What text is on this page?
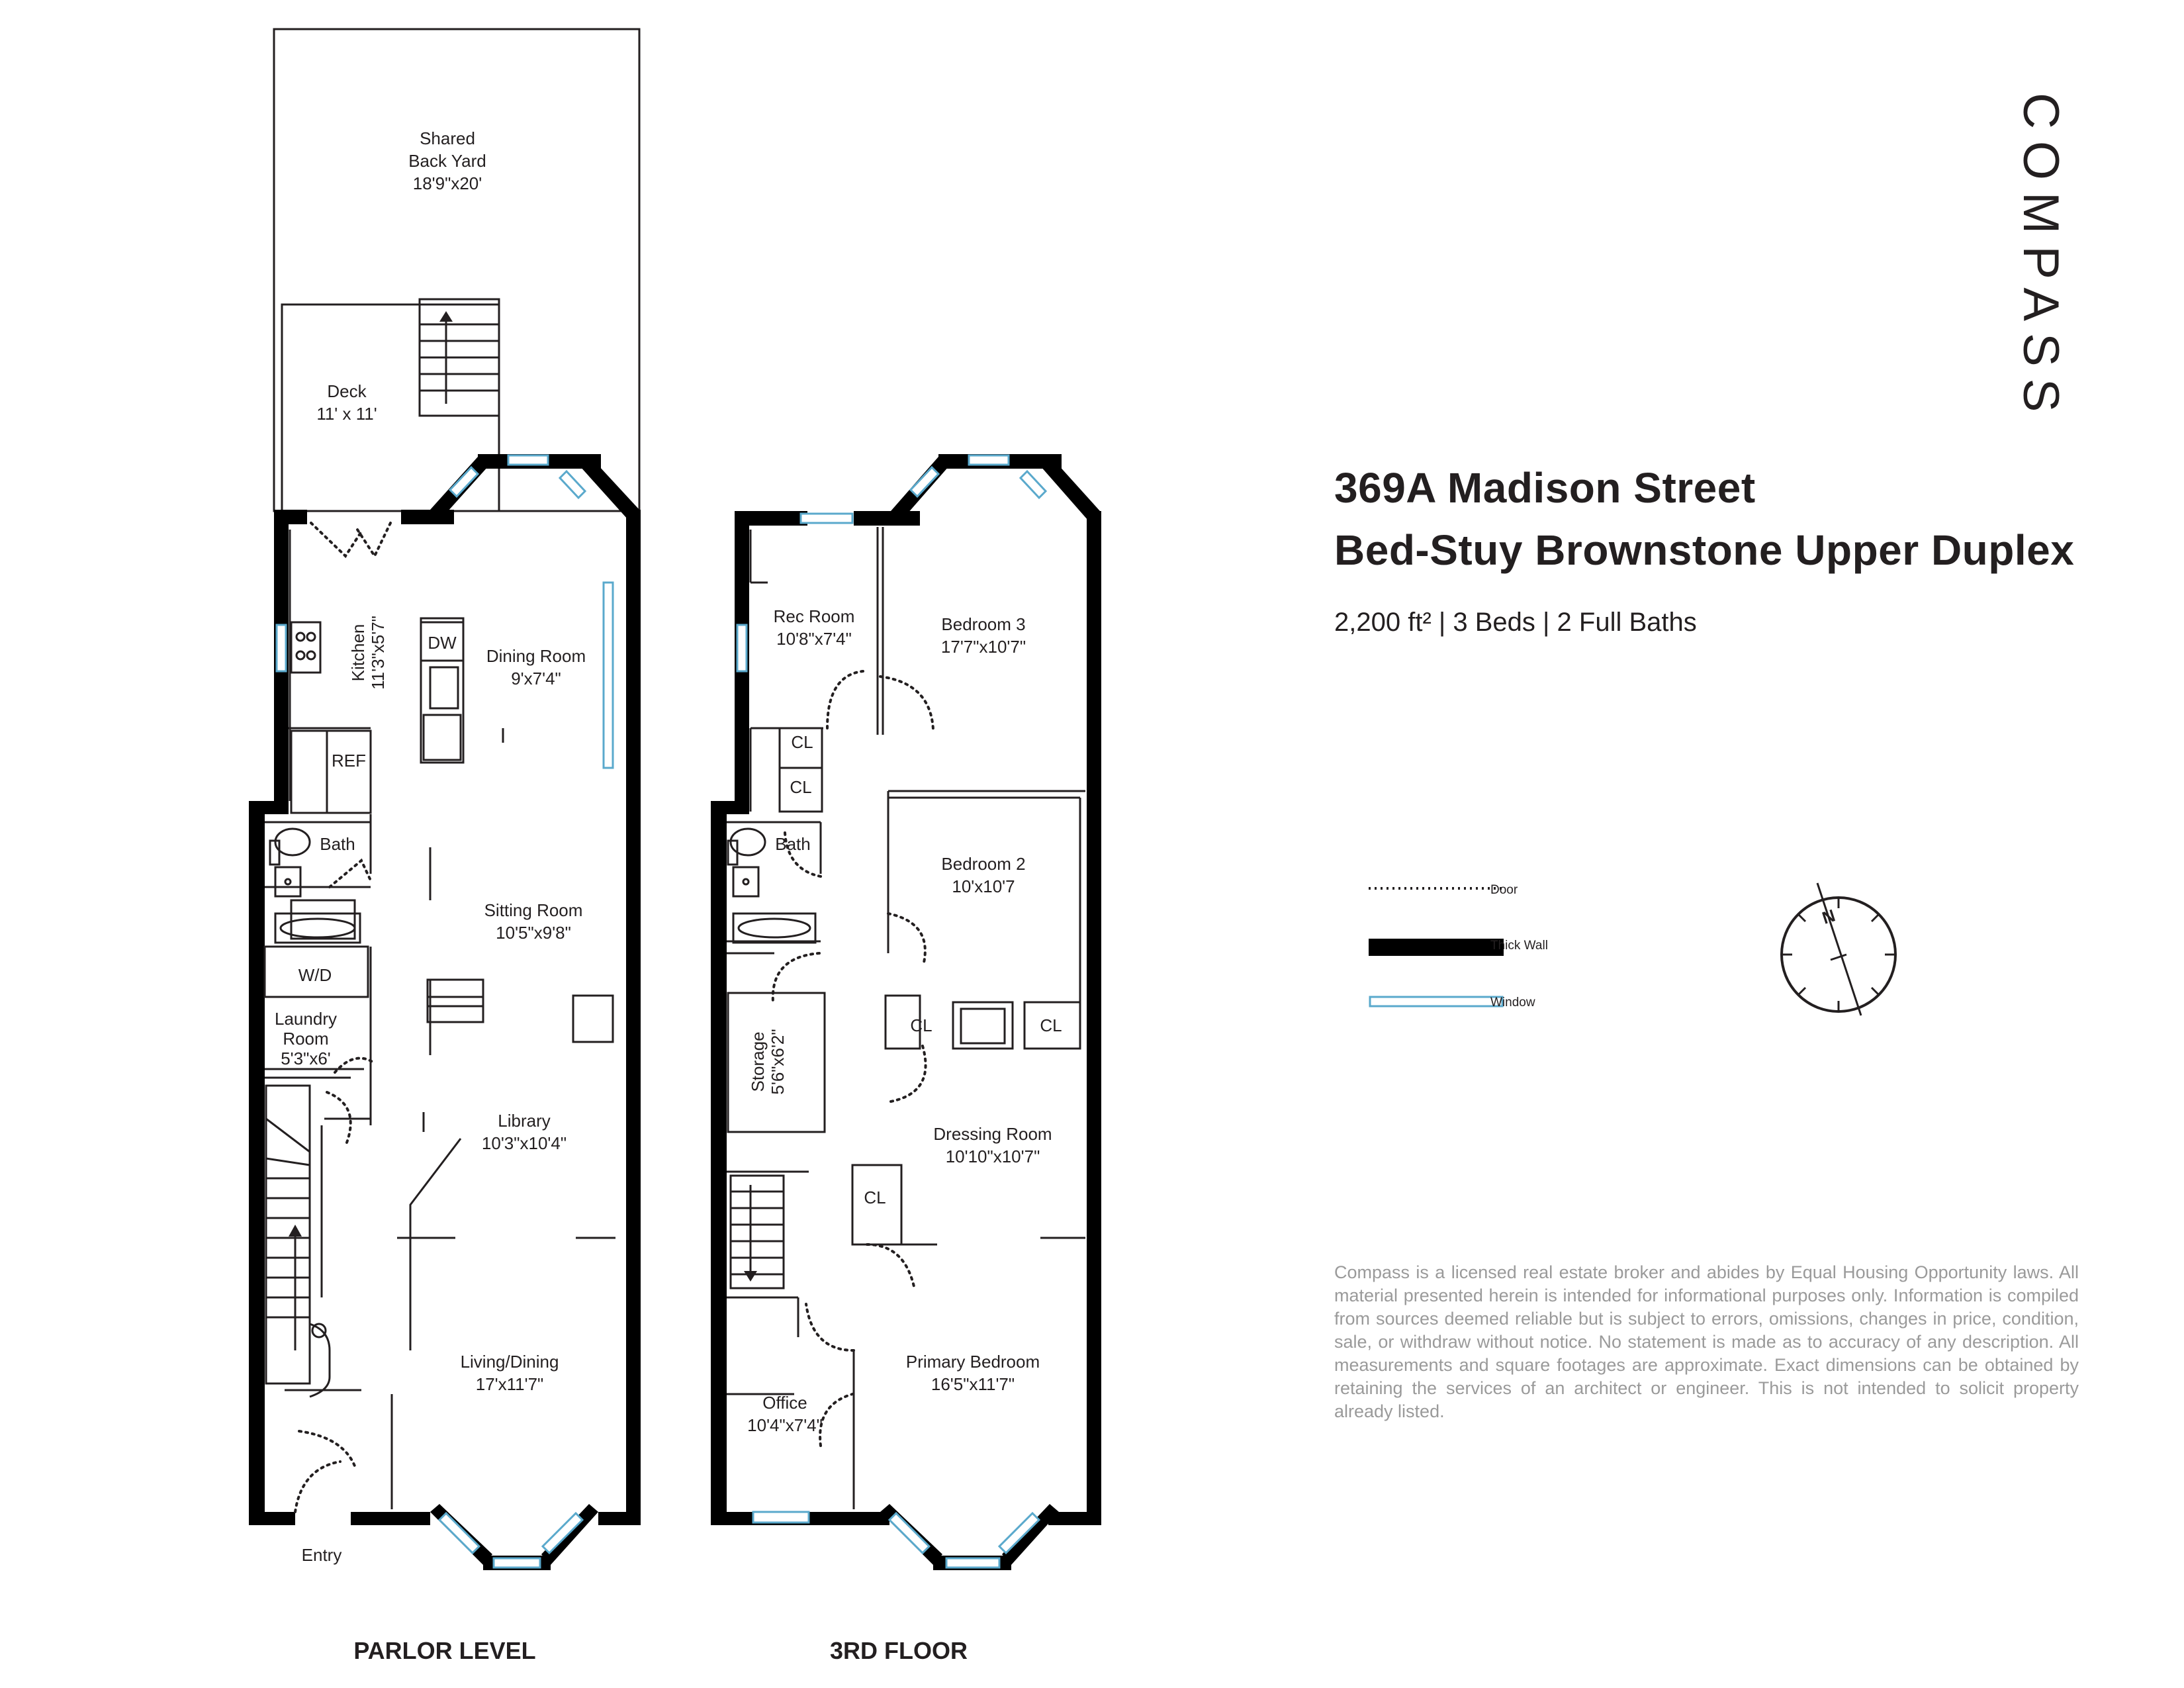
Shared
Back Yard
18'9"x20'
Deck
11' x 11'
Kitchen 11'3"x5'7" DW
REF
Dining Room
9'x7'4"
Bath
Sitting Room
10'5"x9'8"
W/D
Laundry
Room
5'3"x6'
Library
10'3"x10'4"
Living/Dining
17'x11'7"
Entry
PARLOR LEVEL
Rec Room
10'8"x7'4"
Bedroom 3
17'7"x10'7"
CL
CL
Bath
Bedroom 2
10'x10'7
CL	CL
Storage 5'6"x6'2"
Dressing Room
10'10"x10'7"
CL
Primary Bedroom
16'5"x11'7"
Office
10'4"x7'4"
3RD FLOOR
Door
Thick Wall
Window
N
COMPASS
369A Madison Street
Bed-Stuy Brownstone Upper Duplex
2,200 ft² | 3 Beds | 2 Full Baths
Compass is a licensed real estate broker and abides by Equal Housing Opportunity laws. All material presented herein is intended for informational purposes only. Information is compiled from sources deemed reliable but is subject to errors, omissions, changes in price, condition, sale, or withdraw without notice. No statement is made as to accuracy of any description. All measurements and square footages are approximate. Exact dimensions can be obtained by retaining the services of an architect or engineer. This is not intended to solicit property already listed.
